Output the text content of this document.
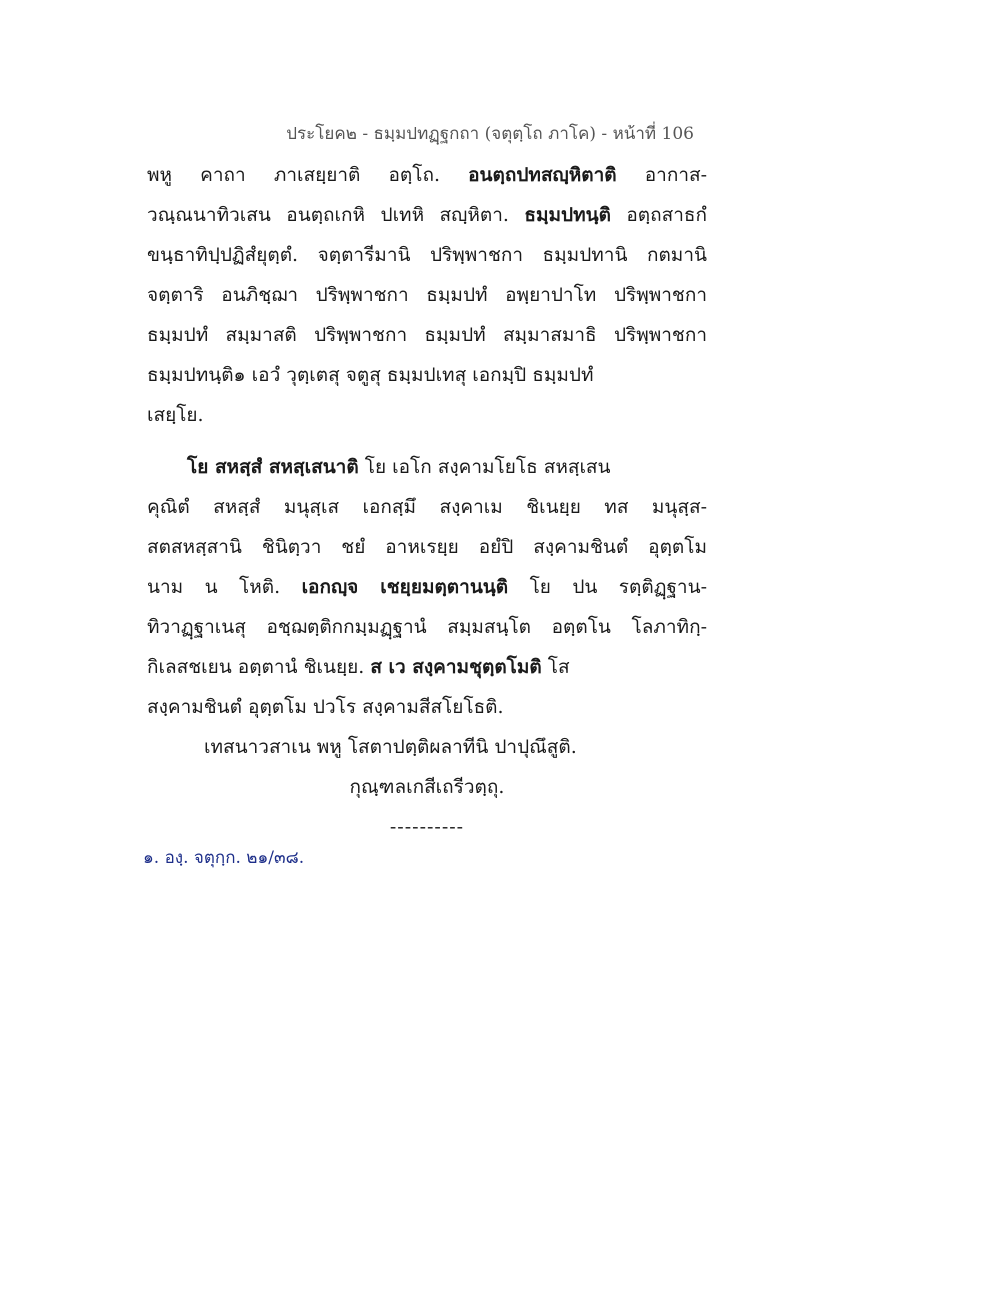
ประโยค๒ - ธมฺมปทฏฺฐกถา (จตุตฺโถ ภาโค) - หน้าที่ 106
พหู คาถา ภาเสยฺยาติ อตฺโถ. อนตฺถปทสญฺหิตาติ อากาส-
วณฺณนาทิวเสน อนตฺถเกหิ ปเทหิ สญฺหิตา. ธมฺมปทนฺติ อตฺถสาธกํ
ขนฺธาทิปฺปฏิสํยุตฺตํ. จตฺตารีมานิ ปริพฺพาชกา ธมฺมปทานิ กตมานิ
จตฺตาริ อนภิชฺฌา ปริพฺพาชกา ธมฺมปทํ อพฺยาปาโท ปริพฺพาชกา
ธมฺมปทํ สมฺมาสติ ปริพฺพาชกา ธมฺมปทํ สมฺมาสมาธิ ปริพฺพาชกา
ธมฺมปทนฺติ๑ เอวํ วุตฺเตสุ จตูสุ ธมฺมปเทสุ เอกมฺปิ ธมฺมปทํ
เสยฺโย.
โย สหสฺสํ สหสฺเสนาติ โย เอโก สงฺคามโยโธ สหสฺเสน
คุณิตํ สหสฺสํ มนุสฺเส เอกสฺมึ สงฺคาเม ชิเนยฺย ทส มนุสฺส-
สตสหสฺสานิ ชินิตฺวา ชยํ อาหเรยฺย อยํปิ สงฺคามชินตํ อุตฺตโม
นาม น โหติ. เอกญฺจ เชยฺยมตฺตานนฺติ โย ปน รตฺติฏฺฐาน-
ทิวาฏฺฐาเนสุ อชฺฌตฺติกกมฺมฏฺฐานํ สมฺมสนฺโต อตฺตโน โลภาทิกฺ-
กิเลสชเยน อตฺตานํ ชิเนยฺย. ส เว สงฺคามชุตฺตโมติ โส
สงฺคามชินตํ อุตฺตโม ปวโร สงฺคามสีสโยโธติ.
เทสนาวสาเน พหู โสตาปตฺติผลาทีนิ ปาปุณึสูติ.
กุณฺฑลเกสีเถรีวตฺถุ.
----------
๑. องฺ. จตุกฺก. ๒๑/๓๘.
